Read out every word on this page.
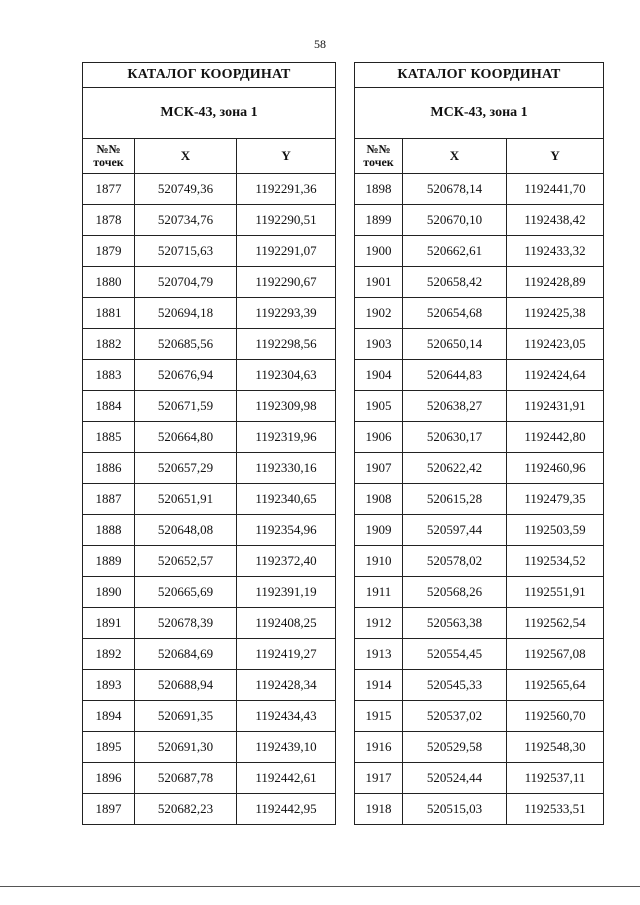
58
КАТАЛОГ КООРДИНАТ		
МСК-43, зона 1		
№№ точек	X	Y
1877	520749,36	1192291,36
1878	520734,76	1192290,51
1879	520715,63	1192291,07
1880	520704,79	1192290,67
1881	520694,18	1192293,39
1882	520685,56	1192298,56
1883	520676,94	1192304,63
1884	520671,59	1192309,98
1885	520664,80	1192319,96
1886	520657,29	1192330,16
1887	520651,91	1192340,65
1888	520648,08	1192354,96
1889	520652,57	1192372,40
1890	520665,69	1192391,19
1891	520678,39	1192408,25
1892	520684,69	1192419,27
1893	520688,94	1192428,34
1894	520691,35	1192434,43
1895	520691,30	1192439,10
1896	520687,78	1192442,61
1897	520682,23	1192442,95
КАТАЛОГ КООРДИНАТ		
МСК-43, зона 1		
№№ точек	X	Y
1898	520678,14	1192441,70
1899	520670,10	1192438,42
1900	520662,61	1192433,32
1901	520658,42	1192428,89
1902	520654,68	1192425,38
1903	520650,14	1192423,05
1904	520644,83	1192424,64
1905	520638,27	1192431,91
1906	520630,17	1192442,80
1907	520622,42	1192460,96
1908	520615,28	1192479,35
1909	520597,44	1192503,59
1910	520578,02	1192534,52
1911	520568,26	1192551,91
1912	520563,38	1192562,54
1913	520554,45	1192567,08
1914	520545,33	1192565,64
1915	520537,02	1192560,70
1916	520529,58	1192548,30
1917	520524,44	1192537,11
1918	520515,03	1192533,51
